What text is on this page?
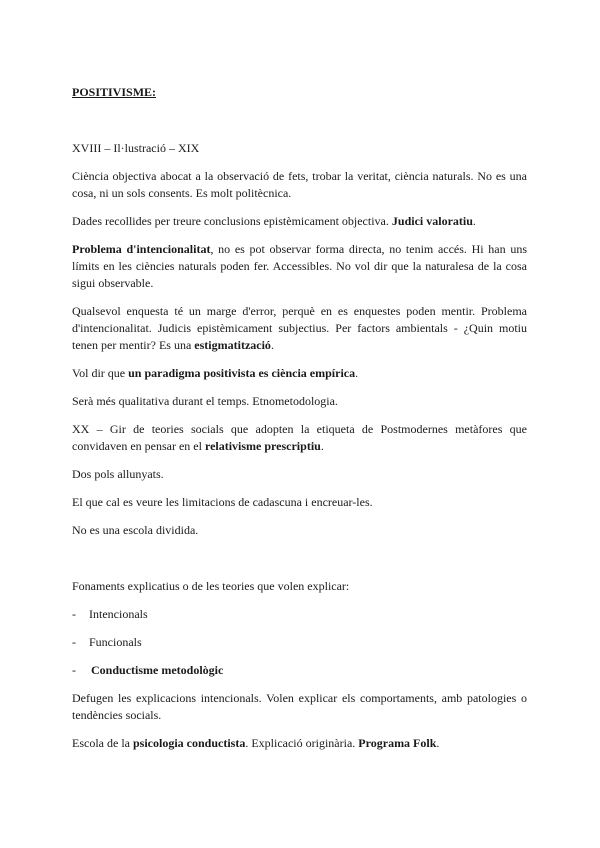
POSITIVISME:
XVIII – Il·lustració – XIX
Ciència objectiva abocat a la observació de fets, trobar la veritat, ciència naturals. No es una
cosa, ni un sols consents. Es molt politècnica.
Dades recollides per treure conclusions epistèmicament objectiva. Judici valoratiu.
Problema d'intencionalitat, no es pot observar forma directa, no tenim accés. Hi han uns
límits en les ciències naturals poden fer. Accessibles. No vol dir que la naturalesa de la cosa
sigui observable.
Qualsevol enquesta té un marge d'error, perquè en es enquestes poden mentir. Problema
d'intencionalitat. Judicis epistèmicament subjectius. Per factors ambientals - ¿Quin motiu
tenen per mentir? Es una estigmatització.
Vol dir que un paradigma positivista es ciència empírica.
Serà més qualitativa durant el temps. Etnometodologia.
XX – Gir de teories socials que adopten la etiqueta de Postmodernes metàfores que
convidaven en pensar en el relativisme prescriptiu.
Dos pols allunyats.
El que cal es veure les limitacions de cadascuna i encreuar-les.
No es una escola dividida.
Fonaments explicatius o de les teories que volen explicar:
- Intencionals
- Funcionals
- Conductisme metodològic
Defugen les explicacions intencionals. Volen explicar els comportaments, amb patologies o
tendències socials.
Escola de la psicologia conductista. Explicació originària. Programa Folk.
